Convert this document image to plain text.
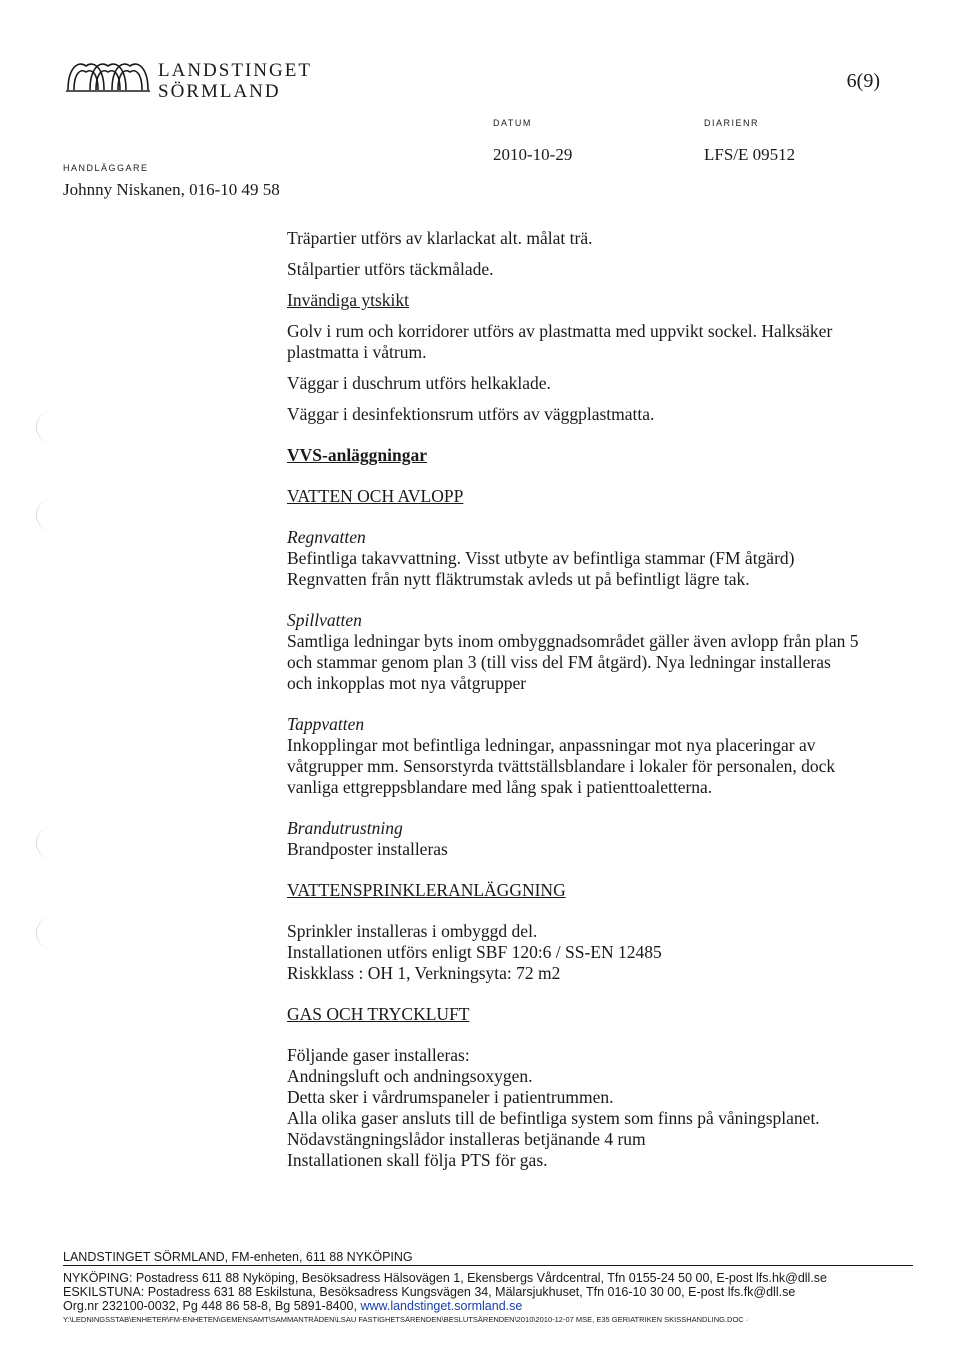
LANDSTINGET
SÖRMLAND	6(9)
HANDLÄGGARE
Johnny Niskanen, 016-10 49 58
DATUM
2010-10-29
DIARIENR
LFS/E 09512

Träpartier utförs av klarlackat alt. målat trä.

Stålpartier utförs täckmålade.

Invändiga ytskikt

Golv i rum och korridorer utförs av plastmatta med uppvikt sockel. Halksäker

plastmatta i våtrum.

Väggar i duschrum utförs helkaklade.

Väggar i desinfektionsrum utförs av väggplastmatta.

VVS-anläggningar

VATTEN OCH AVLOPP

Regnvatten

Befintliga takavvattning. Visst utbyte av befintliga stammar (FM åtgärd)

Regnvatten från nytt fläktrumstak avleds ut på befintligt lägre tak.

Spillvatten

Samtliga ledningar byts inom ombyggnadsområdet gäller även avlopp från plan 5

och stammar genom plan 3 (till viss del FM åtgärd). Nya ledningar installeras

och inkopplas mot nya våtgrupper

Tappvatten

Inkopplingar mot befintliga ledningar, anpassningar mot nya placeringar av

våtgrupper mm. Sensorstyrda tvättställsblandare i lokaler för personalen, dock

vanliga ettgreppsblandare med lång spak i patienttoaletterna.

Brandutrustning

Brandposter installeras

VATTENSPRINKLERANLÄGGNING

Sprinkler installeras i ombyggd del.

Installationen utförs enligt SBF 120:6 / SS-EN 12485

Riskklass : OH 1, Verkningsyta: 72 m2

GAS OCH TRYCKLUFT

Följande gaser installeras:

Andningsluft och andningsoxygen.

Detta sker i vårdrumspaneler i patientrummen.

Alla olika gaser ansluts till de befintliga system som finns på våningsplanet.

Nödavstängningslådor installeras betjänande 4 rum

Installationen skall följa PTS för gas.

LANDSTINGET SÖRMLAND, FM-enheten, 611 88 NYKÖPING
NYKÖPING: Postadress 611 88 Nyköping, Besöksadress Hälsovägen 1, Ekensbergs Vårdcentral, Tfn 0155-24 50 00, E-post lfs.hk@dll.se
ESKILSTUNA: Postadress 631 88 Eskilstuna, Besöksadress Kungsvägen 34, Mälarsjukhuset, Tfn 016-10 30 00, E-post lfs.fk@dll.se
Org.nr 232100-0032, Pg 448 86 58-8, Bg 5891-8400, www.landstinget.sormland.se
Y:\LEDNINGSSTAB\ENHETER\FM-ENHETEN\GEMENSAMT\SAMMANTRÄDEN\LSAU FASTIGHETSÄRENDEN\BESLUTSÄRENDEN\2010\2010-12-07 MSE, E35 GERIATRIKEN SKISSHANDLING.DOC ·
